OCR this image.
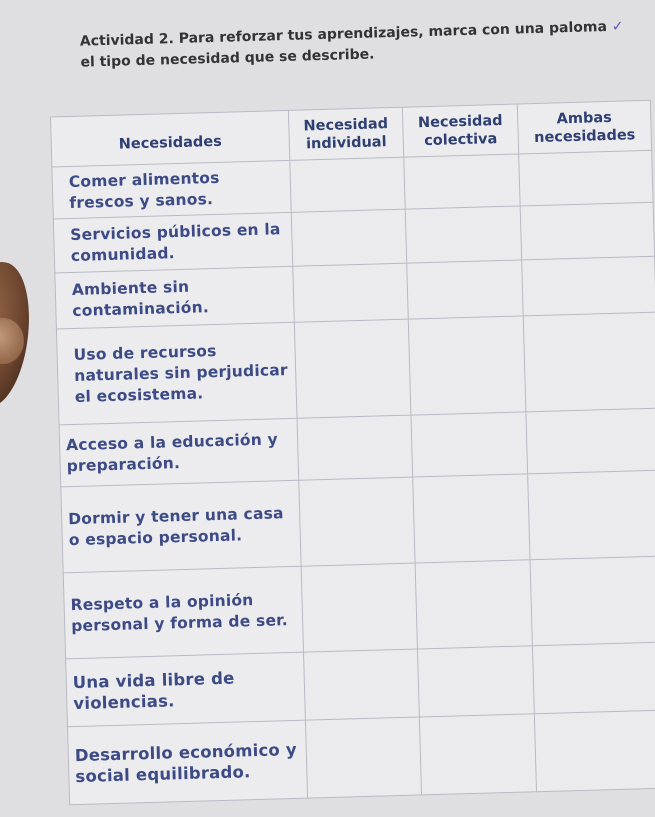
Actividad 2. Para reforzar tus aprendizajes, marca con una paloma ✓
el tipo de necesidad que se describe.

Necesidades	Necesidad individual	Necesidad colectiva	Ambas necesidades
Comer alimentos frescos y sanos.			
Servicios públicos en la comunidad.			
Ambiente sin contaminación.			
Uso de recursos naturales sin perjudicar el ecosistema.			
Acceso a la educación y preparación.			
Dormir y tener una casa o espacio personal.			
Respeto a la opinión personal y forma de ser.			
Una vida libre de violencias.			
Desarrollo económico y social equilibrado.			
